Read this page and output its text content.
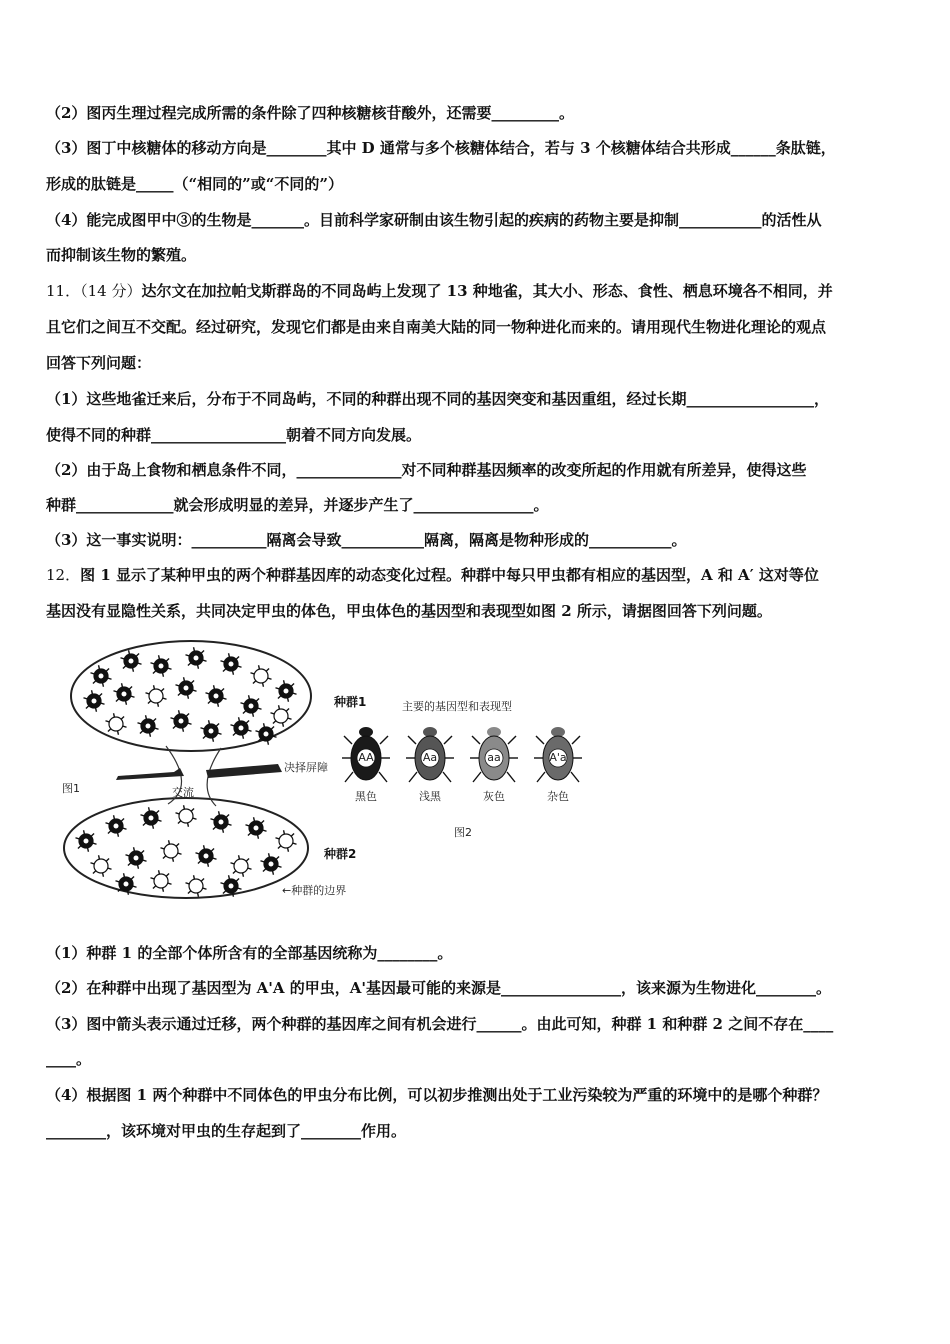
（2）图丙生理过程完成所需的条件除了四种核糖核苷酸外，还需要_________。
（3）图丁中核糖体的移动方向是________其中 D 通常与多个核糖体结合，若与 3 个核糖体结合共形成______条肽链，
形成的肽链是_____（“相同的”或“不同的”）
（4）能完成图甲中③的生物是_______。目前科学家研制由该生物引起的疾病的药物主要是抑制___________的活性从
而抑制该生物的繁殖。
11．（14 分）达尔文在加拉帕戈斯群岛的不同岛屿上发现了 13 种地雀，其大小、形态、食性、栖息环境各不相同，并
且它们之间互不交配。经过研究，发现它们都是由来自南美大陆的同一物种进化而来的。请用现代生物进化理论的观点
回答下列问题：
（1）这些地雀迁来后，分布于不同岛屿，不同的种群出现不同的基因突变和基因重组，经过长期_________________，
使得不同的种群__________________朝着不同方向发展。
（2）由于岛上食物和栖息条件不同，______________对不同种群基因频率的改变所起的作用就有所差异，使得这些
种群_____________就会形成明显的差异，并逐步产生了________________。
（3）这一事实说明：__________隔离会导致___________隔离，隔离是物种形成的___________。
12．图 1 显示了某种甲虫的两个种群基因库的动态变化过程。种群中每只甲虫都有相应的基因型，A 和 A′ 这对等位
基因没有显隐性关系，共同决定甲虫的体色，甲虫体色的基因型和表现型如图 2 所示，请据图回答下列问题。
决择屏障
交流
图1
种群1
种群2
←种群的边界
主要的基因型和表现型
AA
黑色
Aa
浅黑
aa
灰色
A'a
杂色
图2
（1）种群 1 的全部个体所含有的全部基因统称为________。
（2）在种群中出现了基因型为 A'A 的甲虫，A'基因最可能的来源是________________，该来源为生物进化________。
（3）图中箭头表示通过迁移，两个种群的基因库之间有机会进行______。由此可知，种群 1 和种群 2 之间不存在____
____。
（4）根据图 1 两个种群中不同体色的甲虫分布比例，可以初步推测出处于工业污染较为严重的环境中的是哪个种群？
________，该环境对甲虫的生存起到了________作用。
